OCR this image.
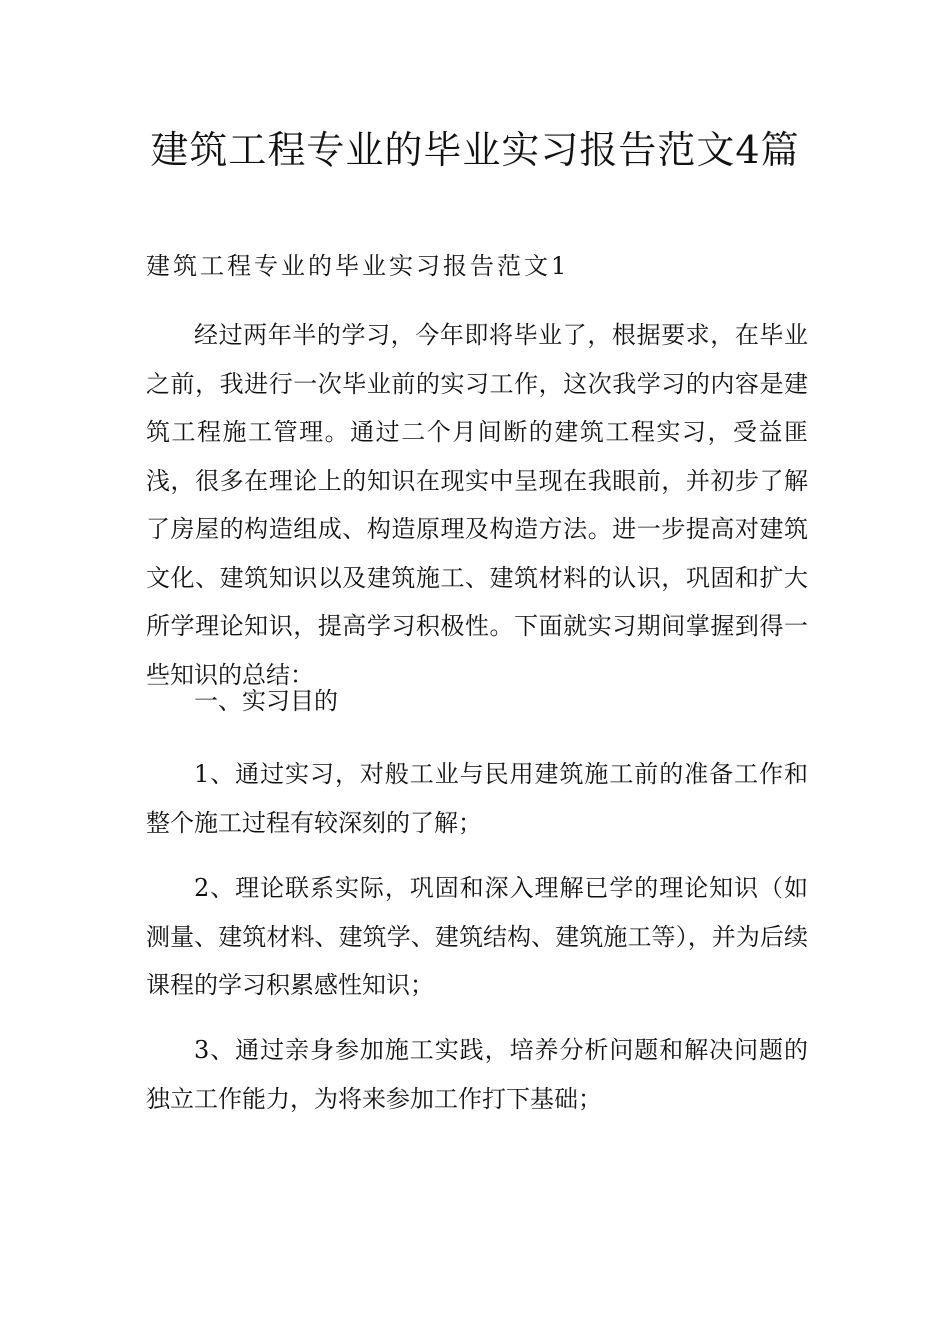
建筑工程专业的毕业实习报告范文4篇
建筑工程专业的毕业实习报告范文1

经过两年半的学习，今年即将毕业了，根据要求，在毕业之前，我进行一次毕业前的实习工作，这次我学习的内容是建筑工程施工管理。通过二个月间断的建筑工程实习，受益匪浅，很多在理论上的知识在现实中呈现在我眼前，并初步了解了房屋的构造组成、构造原理及构造方法。进一步提高对建筑文化、建筑知识以及建筑施工、建筑材料的认识，巩固和扩大所学理论知识，提高学习积极性。下面就实习期间掌握到得一些知识的总结：

一、实习目的

1、通过实习，对般工业与民用建筑施工前的准备工作和整个施工过程有较深刻的了解；

2、理论联系实际，巩固和深入理解已学的理论知识（如测量、建筑材料、建筑学、建筑结构、建筑施工等），并为后续课程的学习积累感性知识；

3、通过亲身参加施工实践，培养分析问题和解决问题的独立工作能力，为将来参加工作打下基础；
